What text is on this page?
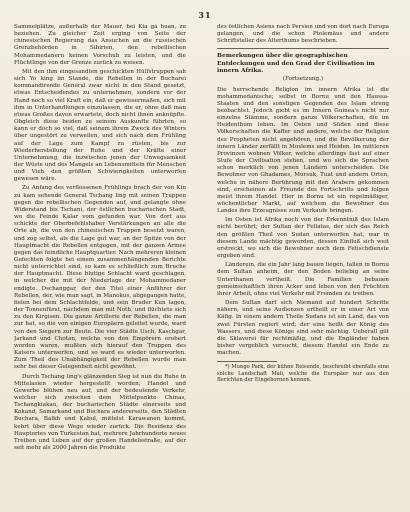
31

Sammelplätze, außerhalb der Mauer, bei Kia gá huan, zu beziehen. Zu gleicher Zeit erging von Seite der chinesischen Regierung das Ansuchen an die russischen Grenzbehörden in Sibirien, den rebellischen Mohammedanern keinen Vorschub zu leisten, und die Flüchtlinge von der Grenze zurück zu weisen.

Mit den ihm eingesandten geschickten Hülfstruppen sah sich Yo king im Stande, die Rebellen in der Bucharei kommandirende General zwar nicht in den Stand gesetzt, etwas Entscheidendes zu unternehmen, sondern vor der Hand noch so viel Kraft ein, daß er gewissermaßen, sich mit ihm in Unterhandlungen einzulassen, die er, ohne daß man etwas Großes davon erwartete, doch nicht ihnen anknüpfte. Obgleich diese beiden zu seinem Auskunfte führten, so kann er doch so viel, daß seinem ihrem Zweck des Winters über ungestört zu verweilen, und sich nach dem Frühling auf der Lage zum Kampf zu rüsten, bis zur Wiederherstellung der Ruhe und der Kräfte einer Unternehmung, die inzwischen jenen der Unwegsamkeit der Wüste und des Mangels an Lebensmitteln für Menschen und Vieh den größten Schwierigkeiten unterworfen gewesen wäre.

Zu Anfang des verflossenen Frühlings brach der von Kin zu kam sehende General Tschang ling mit seinen Truppen gegen die rebellischen Gegenden auf, und gelangte ohne Widerstand bis Tschani, der östlichen bucharischen Stadt, wo die Feinde Kalar vom gefunden war. Von dort aus schickte der Oberbefehlshaber Verstärkungen an alle die Orte ab, die von den chinesischen Truppen besetzt waren, und zog selbst, als die Lage gut war, an der Spitze von der Hauptmacht die Rebellen entgegen, mit der ganzen Armee gegen das feindliche Hauptquartier. Nach mehreren kleinen Gefechten folgte bei einem zusammenhängenden Berichte nicht unterrichtet sind, so kam es schließlich zum Bruche der Hauptmacht. Diese blutige Schlacht ward geschlagen, in welcher die mit der Niederlage der Mohammedaner endigte. Dschanggar, der den Titel einer Anführer der Rebellen, der, wie man sagt, in Manokus, abgegangen hatte, fielen bei dem Schlachtfelde, und sein Bruder Kun lagen, der Tonnenfürst, nachdem man mit Noth, und flüchtete sich zu den Kirgisen. Die ganze Artillerie der Rebellen, die man zur hat, so die von einigen Europäern geleitet wurde, ward von den Siegern zur Beute. Die vier Städte Usch, Kaschgar, Jarkand und Chotan, welche von den Empörern erobert worden waren, mußten sich hierauf den Truppen des Kaisers unterwerfen, und so ward es wieder unterworfen. Zum Theil des Unabhängigkeit der Rebellen wurde man sehr bei dieser Gelegenheit nicht gewöhnt.

Durch Tschang ling's glänzenden Sieg ist nun die Ruhe in Mittelasien wieder hergestellt worden; Handel und Gewerbe blühen neu auf, und der bedeutende Verkehr, welcher sich zwischen dem Mittelpunkte Chinas, Tschangkiakau, der bucharischen Städte einerseits und Kokand, Samarkand und Buchara andererseits, den Städten Buchara, Balkh und Kabul, mittelst Karawanen kommt, kehrt über diese Wege wieder zurück. Die Residenz des Hauptortes von Turkestan hat, mehrere Jahrhunderte neues Treiben und Leben auf der großen Handelsstraße, auf der seit mehr als 2000 Jahren die Produkte

des östlichen Asiens nach Persien und von dort nach Europa gelangen, und die schon Ptolemäus und andere Schriftsteller des Alterthums beschrieben.

Bemerkungen über die geographischen Entdeckungen und den Grad der Civilisation im innern Afrika.
(Fortsetzung.)

Die herrschende Religion im innern Afrika ist die mohammedanische; selbst in Bornu und den Haussa-Staaten und den sonstigen Gegenden des Islam streng beobachtet. Jedoch giebt es im Innern Guinea's nicht nur einzelne Stämme, sondern ganze Völkerschaften, die im Heidenthum leben. Im Osten und Süden sind diese Völkerschaften die Kaffer und andere, welche der Religion des Propheten nicht angehören, und die Bevölkerung der innern Länder zerfällt in Moslems und Heiden. Im mittleren Provinzen wohnen Völker, welche allerdings fast auf einer Stufe der Civilisation stehen, und wo sich die Sprachen schon merklich von jenen Ländern unterscheiden. Die Bewohner von Ghadames, Mursuk, Tuat und andern Orten, welche in nähere Berührung mit den Arabern gekommen sind, erscheinen als Freunde des Fortschritts und folgen meist ihrem Handel. Hier in Bornu ist ein regelmäßiger, wöchentlicher Markt, auf welchem die Bewohner des Landes ihre Erzeugnisse zum Verkaufe bringen.

Im Osten ist Afrika noch von der Erkenntniß des Islam nicht berührt; der Sultan der Fellatas, der sich das Reich den größten Theil von Sudan unterworfen hat, war in diesem Lande mächtig geworden, dessen Einfluß sich weit erstreckt, wo sich die Bewohner noch dem Fetischdienste ergeben sind.

Länderein, die ein Jahr lang bauen liegen, fallen in Bornu dem Sultan anheim, der den Boden beliebig an seine Unterthanen vertheilt. Die Familien bebauen gemeinschaftlich ihren Acker und leben von den Früchten ihrer Arbeit, ohne viel Verkehr mit Fremden zu treiben.

Dem Sultan darf sich Niemand auf hundert Schritte nähern, und seine Audienzen ertheilt er in einer Art von Käfig. In einem andern Theile Sudans ist ein Land, das von zwei Fürsten regiert wird; der eine heißt der König des Wassers, und diese Könige sind sehr mächtig. Ueberall gilt die Sklaverei für rechtmäßig, und die Engländer haben bisher vergeblich versucht, diesem Handel ein Ende zu machen.

*) Mungo Park, der kühne Reisende, beschreibt ebenfalls eine solche Landschaft Mali, welche die Europäer nur aus den Berichten der Eingebornen kennen.
